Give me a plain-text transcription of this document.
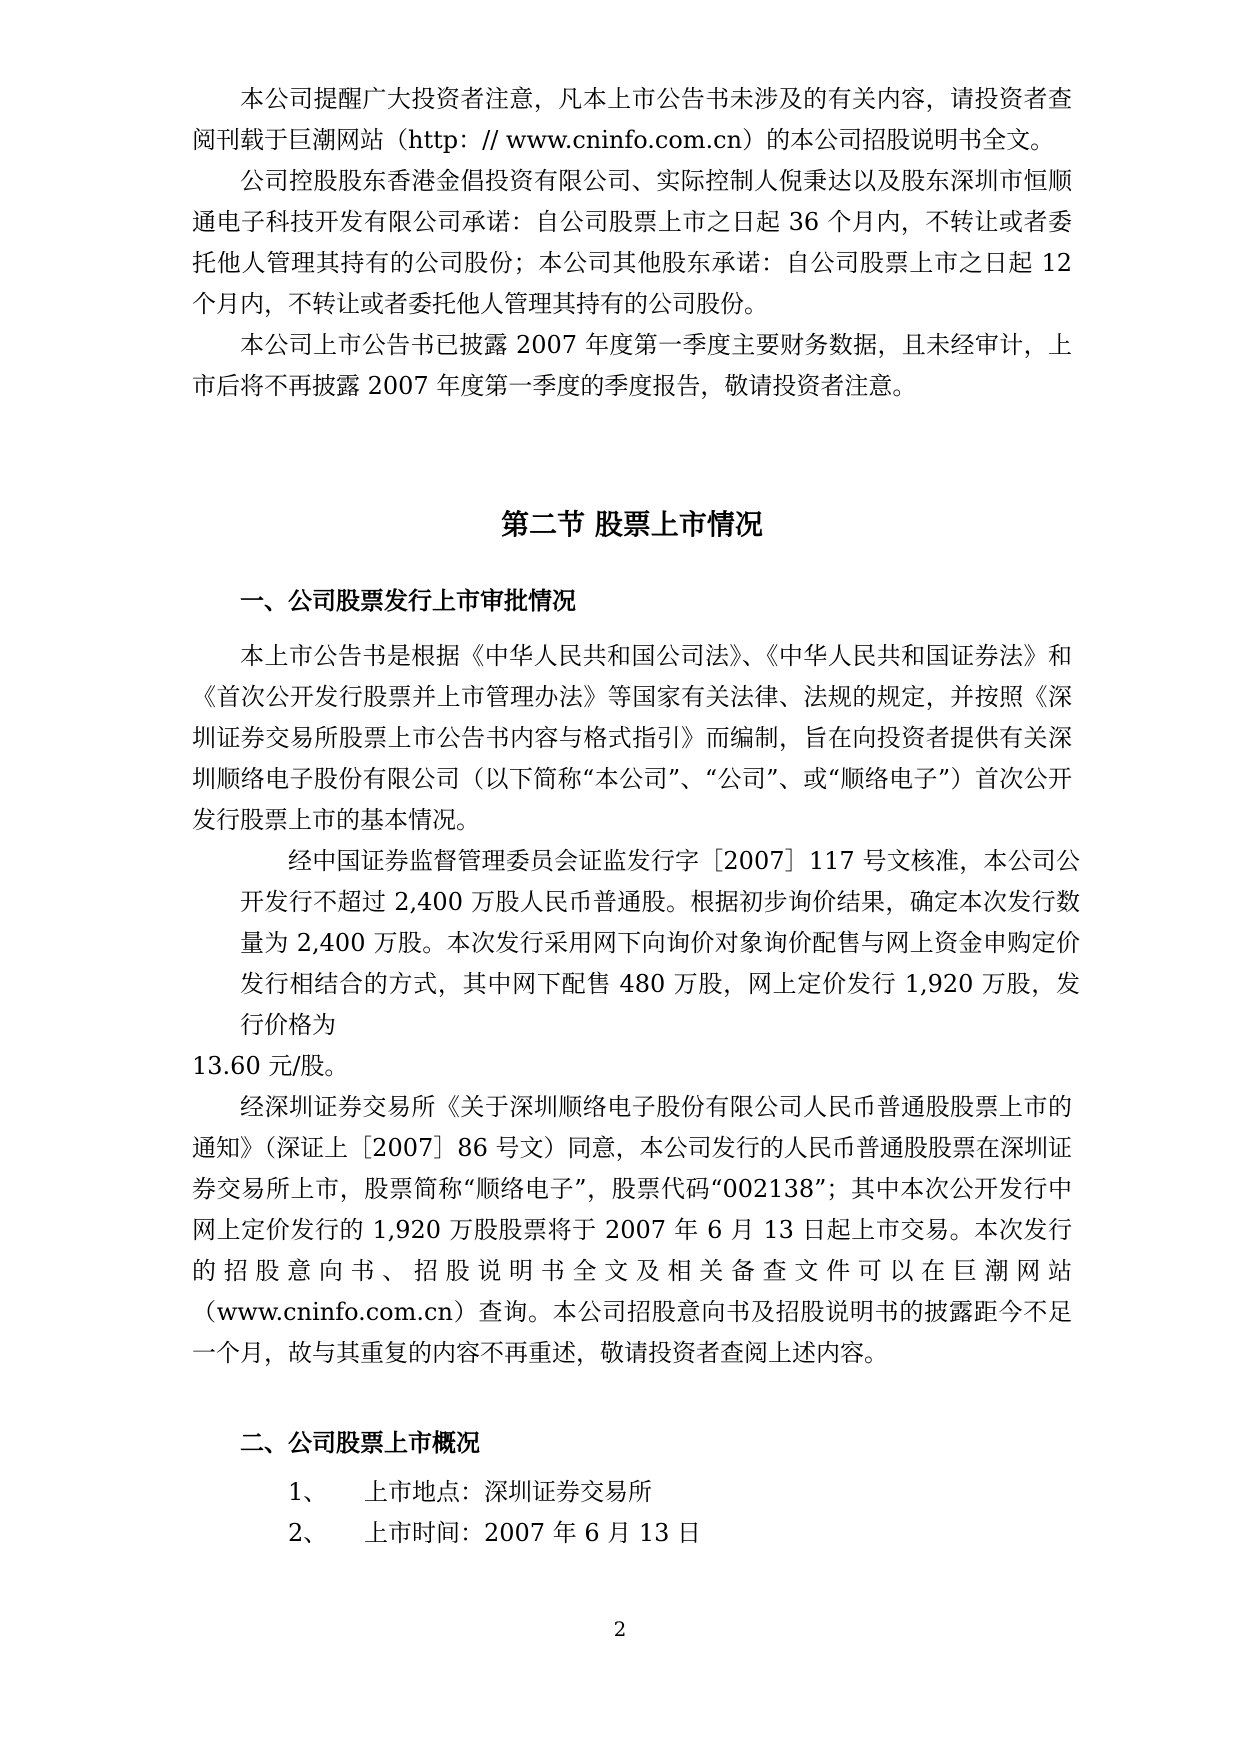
本公司提醒广大投资者注意，凡本上市公告书未涉及的有关内容，请投资者查阅刊载于巨潮网站（http：// www.cninfo.com.cn）的本公司招股说明书全文。

公司控股股东香港金倡投资有限公司、实际控制人倪秉达以及股东深圳市恒顺通电子科技开发有限公司承诺：自公司股票上市之日起 36 个月内，不转让或者委托他人管理其持有的公司股份；本公司其他股东承诺：自公司股票上市之日起 12 个月内，不转让或者委托他人管理其持有的公司股份。

本公司上市公告书已披露 2007 年度第一季度主要财务数据，且未经审计，上市后将不再披露 2007 年度第一季度的季度报告，敬请投资者注意。

第二节 股票上市情况
一、公司股票发行上市审批情况

本上市公告书是根据《中华人民共和国公司法》、《中华人民共和国证券法》和《首次公开发行股票并上市管理办法》等国家有关法律、法规的规定，并按照《深圳证券交易所股票上市公告书内容与格式指引》而编制，旨在向投资者提供有关深圳顺络电子股份有限公司（以下简称“本公司”、“公司”、或“顺络电子”）首次公开发行股票上市的基本情况。

经中国证券监督管理委员会证监发行字［2007］117 号文核准，本公司公开发行不超过 2,400 万股人民币普通股。根据初步询价结果，确定本次发行数量为 2,400 万股。本次发行采用网下向询价对象询价配售与网上资金申购定价发行相结合的方式，其中网下配售 480 万股，网上定价发行 1,920 万股，发行价格为

13.60 元/股。

经深圳证券交易所《关于深圳顺络电子股份有限公司人民币普通股股票上市的通知》（深证上［2007］86 号文）同意，本公司发行的人民币普通股股票在深圳证券交易所上市，股票简称“顺络电子”，股票代码“002138”；其中本次公开发行中网上定价发行的 1,920 万股股票将于 2007 年 6 月 13 日起上市交易。本次发行的招股意向书、招股说明书全文及相关备查文件可以在巨潮网站（www.cninfo.com.cn）查询。本公司招股意向书及招股说明书的披露距今不足一个月，故与其重复的内容不再重述，敬请投资者查阅上述内容。

二、公司股票上市概况
1、	上市地点：深圳证券交易所
2、	上市时间：2007 年 6 月 13 日
2
